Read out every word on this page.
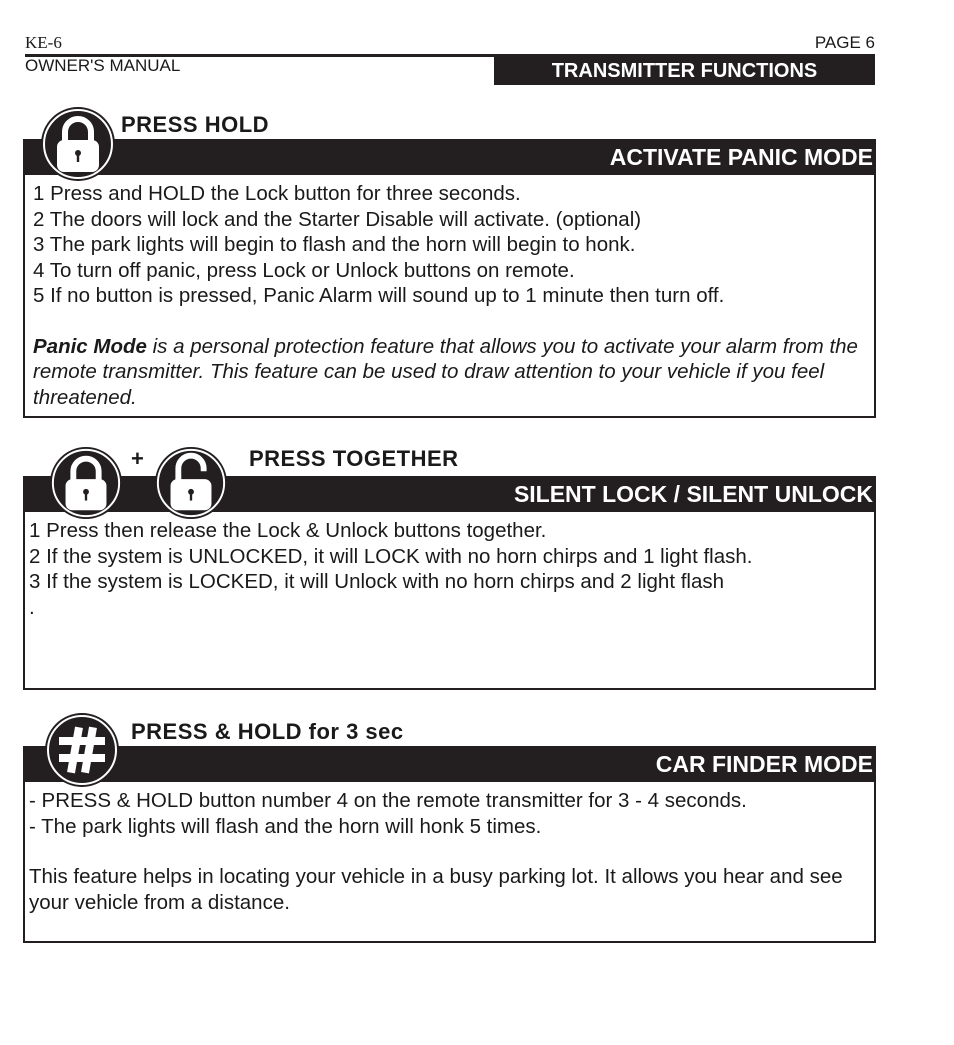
KE-6
OWNER'S MANUAL
PAGE 6
TRANSMITTER FUNCTIONS
PRESS HOLD
ACTIVATE PANIC MODE

1 Press and HOLD the Lock button for three seconds.

2 The doors will lock and the Starter Disable will activate. (optional)

3 The park lights will begin to flash and the horn will begin to honk.

4 To turn off panic, press Lock or Unlock buttons on remote.

5 If no button is pressed, Panic Alarm will sound up to 1 minute then turn off.

Panic Mode is a personal protection feature that allows you to activate your alarm from the remote transmitter. This feature can be used to draw attention to your vehicle if you feel threatened.

PRESS TOGETHER
SILENT LOCK / SILENT UNLOCK

1 Press then release the Lock & Unlock buttons together.

2 If the system is UNLOCKED, it will LOCK with no horn chirps and 1 light flash.

3 If the system is LOCKED, it will Unlock with no horn chirps and 2 light flash

.

+
PRESS & HOLD for 3 sec
CAR FINDER MODE

- PRESS & HOLD button number 4 on the remote transmitter for 3 - 4 seconds.

- The park lights will flash and the horn will honk 5 times.

This feature helps in locating your vehicle in a busy parking lot. It allows you hear and see your vehicle from a distance.
